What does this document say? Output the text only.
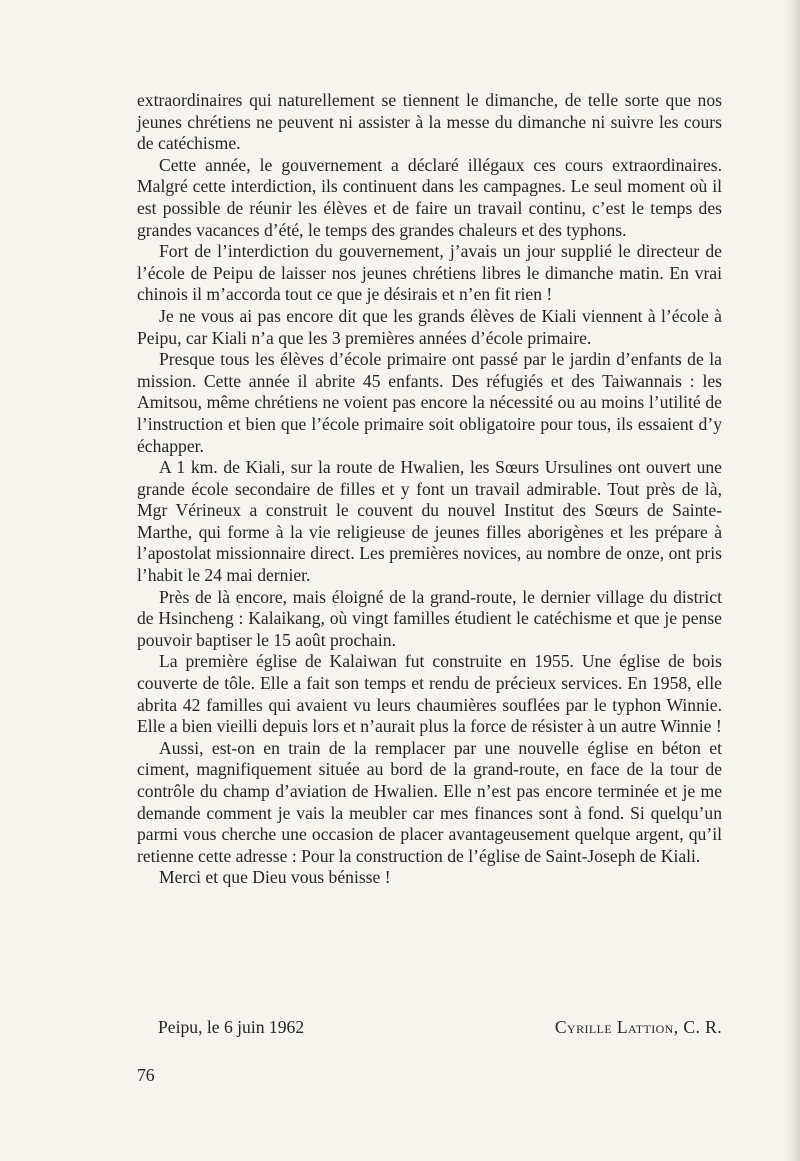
extraordinaires qui naturellement se tiennent le dimanche, de telle sorte que nos jeunes chrétiens ne peuvent ni assister à la messe du dimanche ni suivre les cours de catéchisme.

Cette année, le gouvernement a déclaré illégaux ces cours extraordinaires. Malgré cette interdiction, ils continuent dans les campagnes. Le seul moment où il est possible de réunir les élèves et de faire un travail continu, c’est le temps des grandes vacances d’été, le temps des grandes chaleurs et des typhons.

Fort de l’interdiction du gouvernement, j’avais un jour supplié le directeur de l’école de Peipu de laisser nos jeunes chrétiens libres le dimanche matin. En vrai chinois il m’accorda tout ce que je désirais et n’en fit rien !

Je ne vous ai pas encore dit que les grands élèves de Kiali viennent à l’école à Peipu, car Kiali n’a que les 3 premières années d’école primaire.

Presque tous les élèves d’école primaire ont passé par le jardin d’enfants de la mission. Cette année il abrite 45 enfants. Des réfugiés et des Taiwannais : les Amitsou, même chrétiens ne voient pas encore la nécessité ou au moins l’utilité de l’instruction et bien que l’école primaire soit obligatoire pour tous, ils essaient d’y échapper.

A 1 km. de Kiali, sur la route de Hwalien, les Sœurs Ursulines ont ouvert une grande école secondaire de filles et y font un travail admirable. Tout près de là, Mgr Vérineux a construit le couvent du nouvel Institut des Sœurs de Sainte-Marthe, qui forme à la vie religieuse de jeunes filles aborigènes et les prépare à l’apostolat missionnaire direct. Les premières novices, au nombre de onze, ont pris l’habit le 24 mai dernier.

Près de là encore, mais éloigné de la grand-route, le dernier village du district de Hsincheng : Kalaikang, où vingt familles étudient le catéchisme et que je pense pouvoir baptiser le 15 août prochain.

La première église de Kalaiwan fut construite en 1955. Une église de bois couverte de tôle. Elle a fait son temps et rendu de précieux services. En 1958, elle abrita 42 familles qui avaient vu leurs chaumières souflées par le typhon Winnie. Elle a bien vieilli depuis lors et n’aurait plus la force de résister à un autre Winnie !

Aussi, est-on en train de la remplacer par une nouvelle église en béton et ciment, magnifiquement située au bord de la grand-route, en face de la tour de contrôle du champ d’aviation de Hwalien. Elle n’est pas encore terminée et je me demande comment je vais la meubler car mes finances sont à fond. Si quelqu’un parmi vous cherche une occasion de placer avantageusement quelque argent, qu’il retienne cette adresse : Pour la construction de l’église de Saint-Joseph de Kiali.

Merci et que Dieu vous bénisse !

Peipu, le 6 juin 1962	Cyrille Lattion, C. R.
76
